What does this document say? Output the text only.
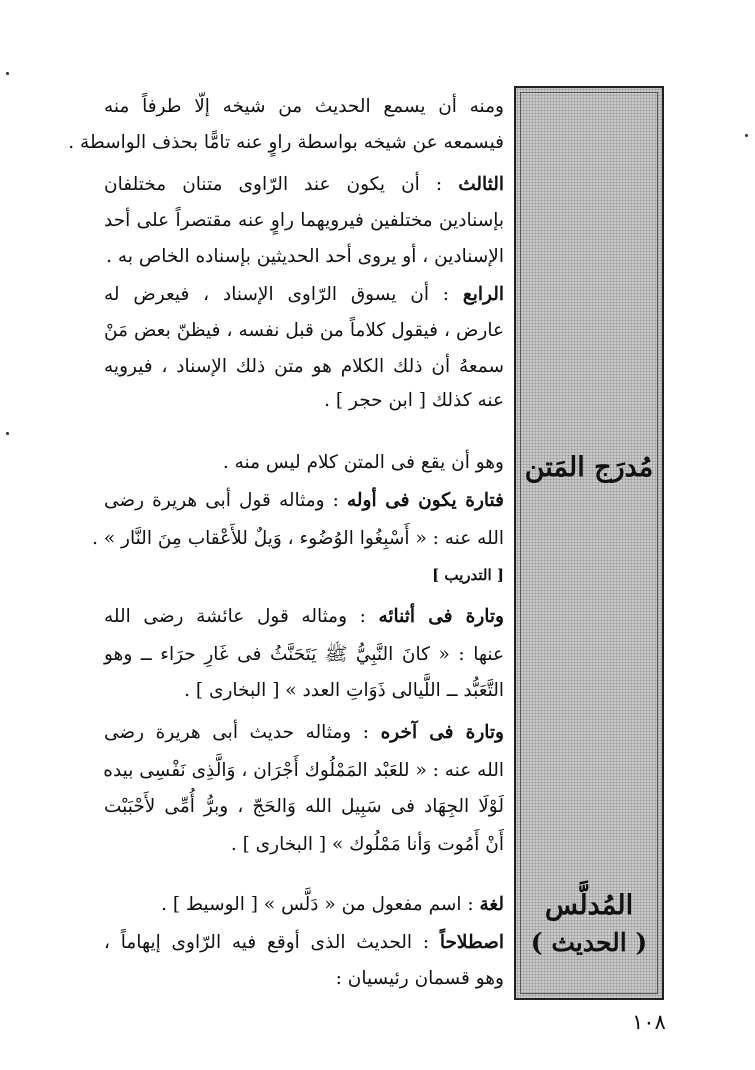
مُدرَج المَتن
المُدلَّس
( الحديث )
ومنه أن يسمع الحديث من شيخه إلّا طرفاً منه
فيسمعه عن شيخه بواسطة راوٍ عنه تامًّا بحذف الواسطة .
الثالث : أن يكون عند الرّاوى متنان مختلفان
بإسنادين مختلفين فيرويهما راوٍ عنه مقتصراً على أحد
الإسنادين ، أو يروى أحد الحديثين بإسناده الخاص به .
الرابع : أن يسوق الرّاوى الإسناد ، فيعرض له
عارض ، فيقول كلاماً من قبل نفسه ، فيظنّ بعض مَنْ
سمعهُ أن ذلك الكلام هو متن ذلك الإسناد ، فيرويه
عنه كذلك [ ابن حجر ] .
وهو أن يقع فى المتن كلام ليس منه .
فتارة يكون فى أوله : ومثاله قول أبى هريرة رضى
الله عنه : « أَسْبِغُوا الوُضُوء ، وَيلٌ للأَعْقاب مِنَ النَّار » .
[ التدريب ]
وتارة فى أثنائه : ومثاله قول عائشة رضى الله
عنها : « كانَ النَّبِيُّ ﷺ يَتَحَنَّثُ فى غَارِ حرَاء ــ وهو
التَّعَبُّد ــ اللَّيالى ذَوَاتِ العدد » [ البخارى ] .
وتارة فى آخره : ومثاله حديث أبى هريرة رضى
الله عنه : « للعَبْد المَمْلُوك أَجْرَان ، وَالَّذِى نَفْسِى بيده
لَوْلَا الجِهَاد فى سَبِيل الله وَالحَجّ ، وبرُّ أُمِّى لأَحْبَبْت
أَنْ أَمُوت وَأنا مَمْلُوك » [ البخارى ] .
لغة : اسم مفعول من « دَلَّس » [ الوسيط ] .
اصطلاحاً : الحديث الذى أوقع فيه الرّاوى إيهاماً ،
وهو قسمان رئيسيان :
١٠٨
